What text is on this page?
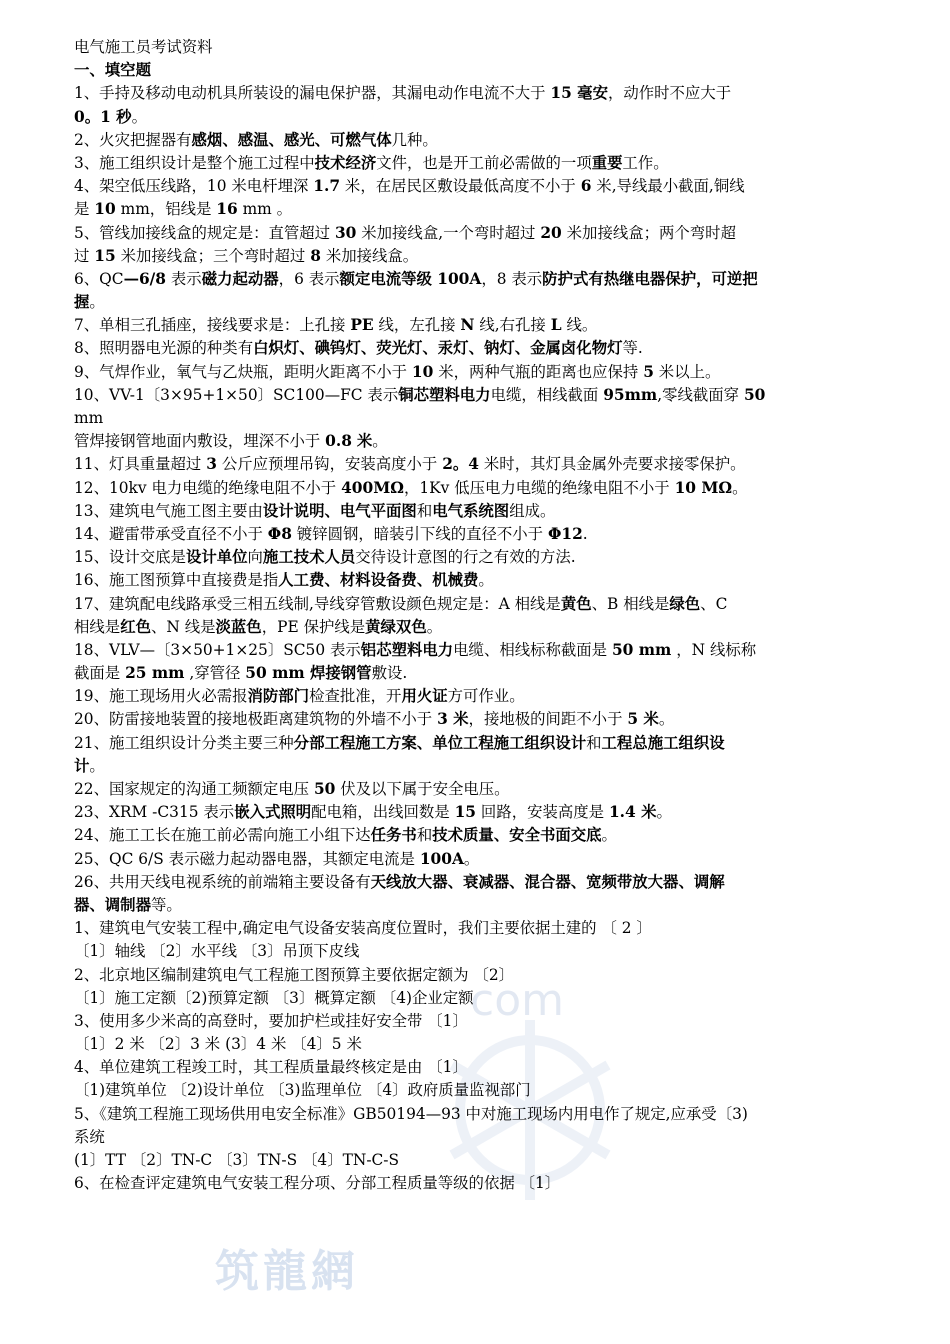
com
筑龍網
电气施工员考试资料
一、填空题
1、手持及移动电动机具所装设的漏电保护器，其漏电动作电流不大于 15 毫安，动作时不应大于
0。1 秒。
2、火灾把握器有感烟、感温、感光、可燃气体几种。
3、施工组织设计是整个施工过程中技术经济文件，也是开工前必需做的一项重要工作。
4、架空低压线路，10 米电杆埋深 1.7 米，在居民区敷设最低高度不小于 6 米,导线最小截面,铜线
是 10 mm，铝线是 16 mm 。
5、管线加接线盒的规定是：直管超过 30 米加接线盒,一个弯时超过 20 米加接线盒；两个弯时超
过 15 米加接线盒；三个弯时超过 8 米加接线盒。
6、QC—6/8 表示磁力起动器，6 表示额定电流等级 100A，8 表示防护式有热继电器保护，可逆把
握。
7、单相三孔插座，接线要求是：上孔接 PE 线，左孔接 N 线,右孔接 L 线。
8、照明器电光源的种类有白炽灯、碘钨灯、荧光灯、汞灯、钠灯、金属卤化物灯等.
9、气焊作业，氧气与乙炔瓶，距明火距离不小于 10 米，两种气瓶的距离也应保持 5 米以上。
10、VV-1〔3×95+1×50〕SC100—FC 表示铜芯塑料电力电缆，相线截面 95mm,零线截面穿 50
mm
管焊接钢管地面内敷设，埋深不小于 0.8 米。
11、灯具重量超过 3 公斤应预埋吊钩，安装高度小于 2。4 米时，其灯具金属外壳要求接零保护。
12、10kv 电力电缆的绝缘电阻不小于 400MΩ，1Kv 低压电力电缆的绝缘电阻不小于 10 MΩ。
13、建筑电气施工图主要由设计说明、电气平面图和电气系统图组成。
14、避雷带承受直径不小于 Φ8 镀锌圆钢，暗装引下线的直径不小于 Φ12.
15、设计交底是设计单位向施工技术人员交待设计意图的行之有效的方法.
16、施工图预算中直接费是指人工费、材料设备费、机械费。
17、建筑配电线路承受三相五线制,导线穿管敷设颜色规定是：A 相线是黄色、B 相线是绿色、C
相线是红色、N 线是淡蓝色，PE 保护线是黄绿双色。
18、VLV—〔3×50+1×25〕SC50 表示铝芯塑料电力电缆、相线标称截面是 50 mm ，N 线标称
截面是 25 mm ,穿管径 50 mm 焊接钢管敷设.
19、施工现场用火必需报消防部门检查批准，开用火证方可作业。
20、防雷接地装置的接地极距离建筑物的外墙不小于 3 米，接地极的间距不小于 5 米。
21、施工组织设计分类主要三种分部工程施工方案、单位工程施工组织设计和工程总施工组织设
计。
22、国家规定的沟通工频额定电压 50 伏及以下属于安全电压。
23、XRM -C315 表示嵌入式照明配电箱，出线回数是 15 回路，安装高度是 1.4 米。
24、施工工长在施工前必需向施工小组下达任务书和技术质量、安全书面交底。
25、QC 6/S 表示磁力起动器电器，其额定电流是 100A。
26、共用天线电视系统的前端箱主要设备有天线放大器、衰减器、混合器、宽频带放大器、调解
器、调制器等。
1、建筑电气安装工程中,确定电气设备安装高度位置时，我们主要依据土建的 〔 2 〕
〔1〕轴线 〔2〕水平线 〔3〕吊顶下皮线
2、北京地区编制建筑电气工程施工图预算主要依据定额为 〔2〕
〔1〕施工定额〔2)预算定额 〔3〕概算定额 〔4)企业定额
3、使用多少米高的高登时，要加护栏或挂好安全带 〔1〕
〔1〕2 米 〔2〕3 米 (3〕4 米 〔4〕5 米
4、单位建筑工程竣工时，其工程质量最终核定是由 〔1〕
〔1)建筑单位 〔2)设计单位 〔3)监理单位 〔4〕政府质量监视部门
5、《建筑工程施工现场供用电安全标准》GB50194—93 中对施工现场内用电作了规定,应承受〔3)
系统
(1〕TT 〔2〕TN-C 〔3〕TN-S 〔4〕TN-C-S
6、在检查评定建筑电气安装工程分项、分部工程质量等级的依据 〔1〕
